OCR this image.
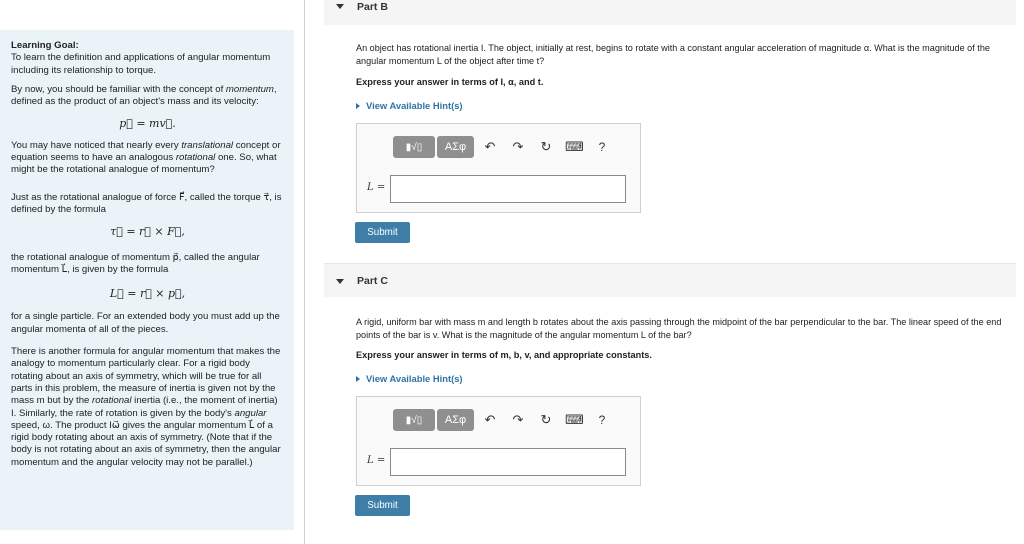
Learning Goal:

To learn the definition and applications of angular momentum including its relationship to torque.

By now, you should be familiar with the concept of momentum, defined as the product of an object's mass and its velocity:

p⃗ = mv⃗.

You may have noticed that nearly every translational concept or equation seems to have an analogous rotational one. So, what might be the rotational analogue of momentum?

Just as the rotational analogue of force F⃗, called the torque τ⃗, is defined by the formula

τ⃗ = r⃗ × F⃗,

the rotational analogue of momentum p⃗, called the angular momentum L⃗, is given by the formula

L⃗ = r⃗ × p⃗,

for a single particle. For an extended body you must add up the angular momenta of all of the pieces.

There is another formula for angular momentum that makes the analogy to momentum particularly clear. For a rigid body rotating about an axis of symmetry, which will be true for all parts in this problem, the measure of inertia is given not by the mass m but by the rotational inertia (i.e., the moment of inertia) I. Similarly, the rate of rotation is given by the body's angular speed, ω. The product Iω⃗ gives the angular momentum L⃗ of a rigid body rotating about an axis of symmetry. (Note that if the body is not rotating about an axis of symmetry, then the angular momentum and the angular velocity may not be parallel.)

Part B
An object has rotational inertia I. The object, initially at rest, begins to rotate with a constant angular acceleration of magnitude α. What is the magnitude of the angular momentum L of the object after time t?
Express your answer in terms of I, α, and t.
View Available Hint(s)
▮√▯	ΑΣφ	↶ ↷ ↻ ⌨	?
L =
Submit
Part C
A rigid, uniform bar with mass m and length b rotates about the axis passing through the midpoint of the bar perpendicular to the bar. The linear speed of the end points of the bar is v. What is the magnitude of the angular momentum L of the bar?
Express your answer in terms of m, b, v, and appropriate constants.
View Available Hint(s)
▮√▯	ΑΣφ	↶ ↷ ↻ ⌨	?
L =
Submit
